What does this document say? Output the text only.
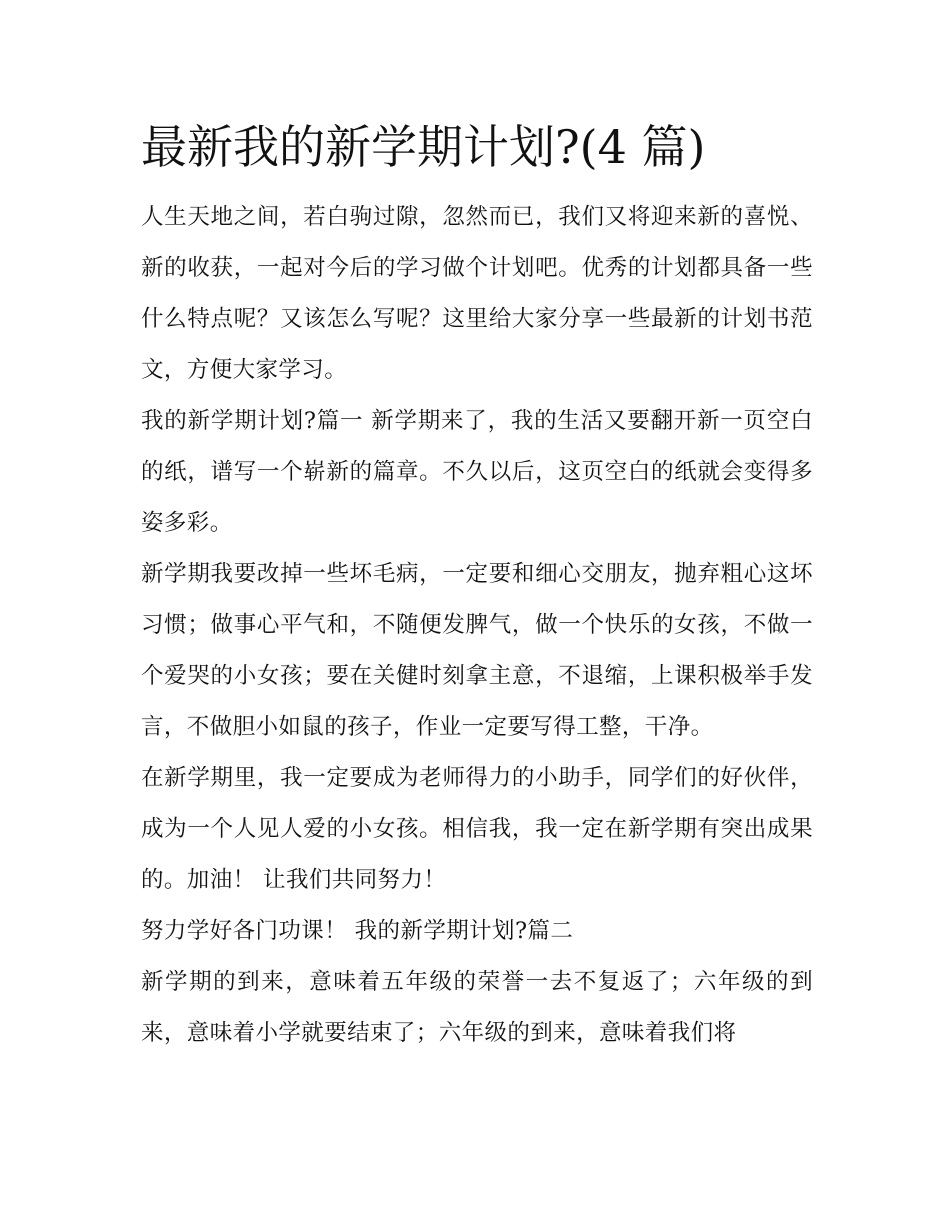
最新我的新学期计划?(4 篇)

人生天地之间，若白驹过隙，忽然而已，我们又将迎来新的喜悦、新的收获，一起对今后的学习做个计划吧。优秀的计划都具备一些什么特点呢？又该怎么写呢？这里给大家分享一些最新的计划书范文，方便大家学习。

我的新学期计划?篇一 新学期来了，我的生活又要翻开新一页空白的纸，谱写一个崭新的篇章。不久以后，这页空白的纸就会变得多姿多彩。

新学期我要改掉一些坏毛病，一定要和细心交朋友，抛弃粗心这坏习惯；做事心平气和，不随便发脾气，做一个快乐的女孩，不做一个爱哭的小女孩；要在关健时刻拿主意，不退缩，上课积极举手发言，不做胆小如鼠的孩子，作业一定要写得工整，干净。

在新学期里，我一定要成为老师得力的小助手，同学们的好伙伴，成为一个人见人爱的小女孩。相信我，我一定在新学期有突出成果的。加油！ 让我们共同努力！

努力学好各门功课！ 我的新学期计划?篇二

新学期的到来，意味着五年级的荣誉一去不复返了；六年级的到来，意味着小学就要结束了；六年级的到来，意味着我们将
